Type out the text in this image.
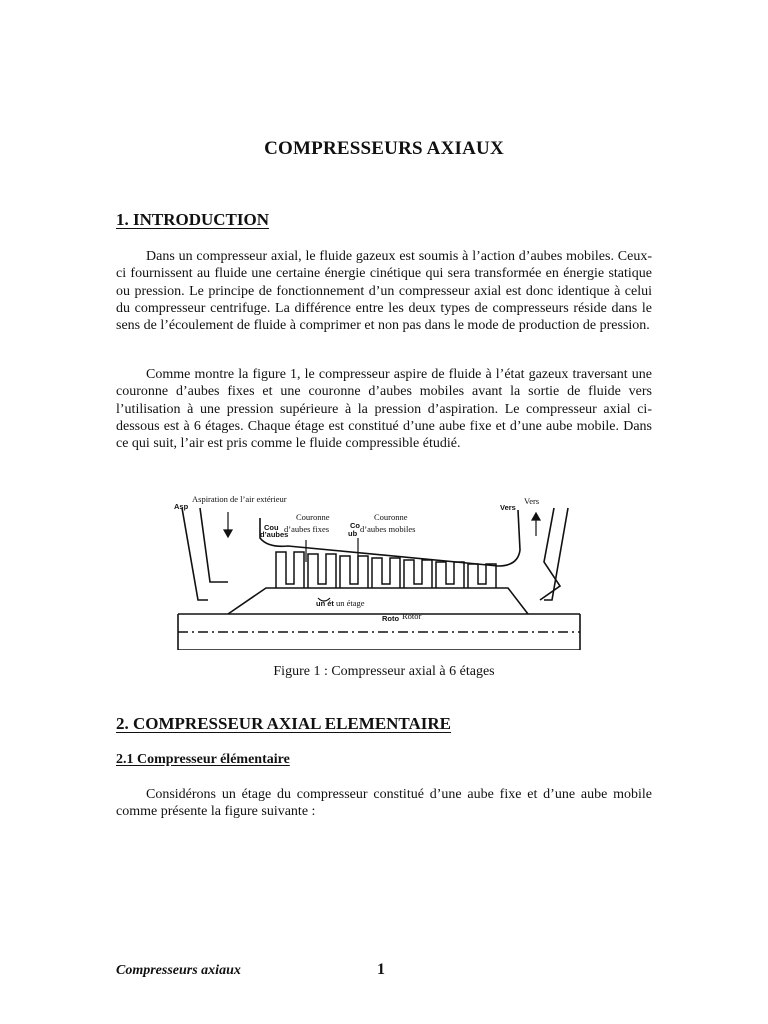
COMPRESSEURS AXIAUX
1. INTRODUCTION

Dans un compresseur axial, le fluide gazeux est soumis à l’action d’aubes mobiles. Ceux-ci fournissent au fluide une certaine énergie cinétique qui sera transformée en énergie statique ou pression. Le principe de fonctionnement d’un compresseur axial est donc identique à celui du compresseur centrifuge. La différence entre les deux types de compresseurs réside dans le sens de l’écoulement de fluide à comprimer et non pas dans le mode de production de pression.

Comme montre la figure 1, le compresseur aspire de fluide à l’état gazeux traversant une couronne d’aubes fixes et une couronne d’aubes mobiles avant la sortie de fluide vers l’utilisation à une pression supérieure à la pression d’aspiration. Le compresseur axial ci-dessous est à 6 étages. Chaque étage est constitué d’une aube fixe et d’une aube mobile. Dans ce qui suit, l’air est pris comme le fluide compressible étudié.

Asp
Aspiration de l’air extérieur
Vers
Vers
Cou
d’aubes
Couronne
d’aubes fixes	Co
ub
Couronne
d’aubes mobiles
un ét un étage
Roto Rotor
Figure 1 : Compresseur axial à 6 étages
2. COMPRESSEUR AXIAL ELEMENTAIRE
2.1 Compresseur élémentaire

Considérons un étage du compresseur constitué d’une aube fixe et d’une aube mobile comme présente la figure suivante :

Compresseurs axiaux	1
